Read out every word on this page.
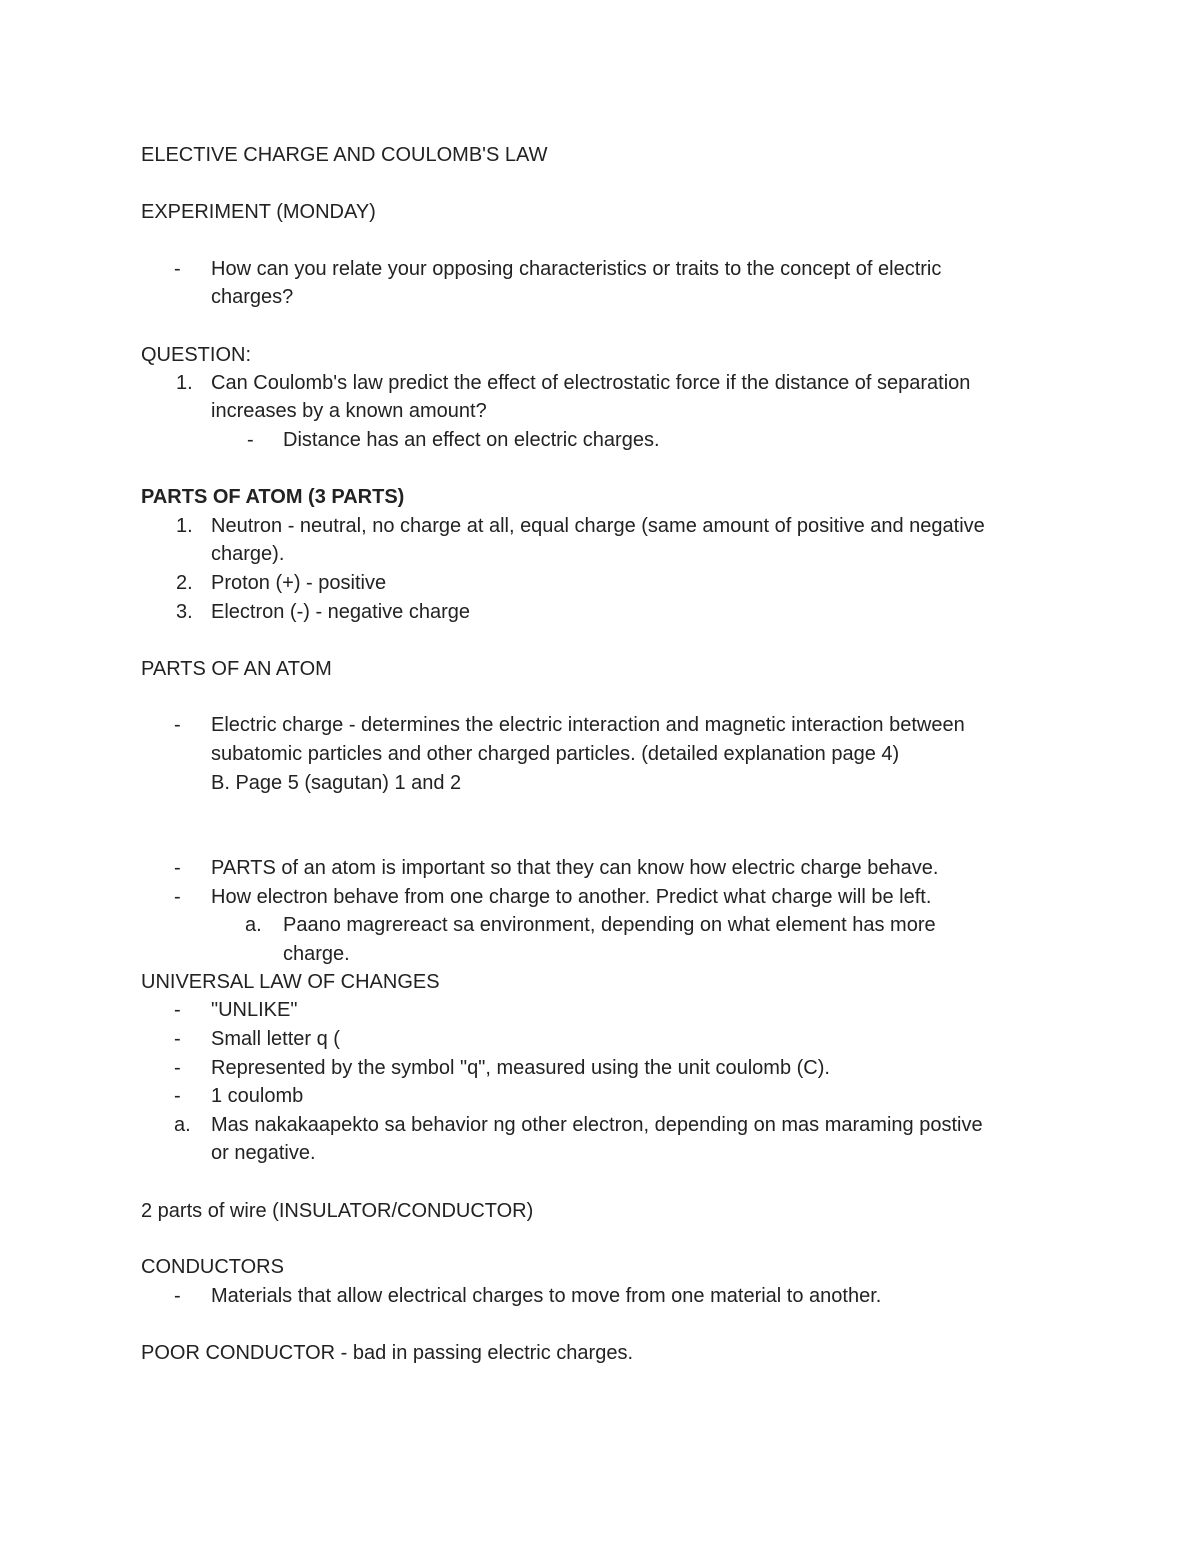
ELECTIVE CHARGE AND COULOMB'S LAW
EXPERIMENT (MONDAY)
- How can you relate your opposing characteristics or traits to the concept of electric
charges?
QUESTION:
1. Can Coulomb's law predict the effect of electrostatic force if the distance of separation
increases by a known amount?
- Distance has an effect on electric charges.
PARTS OF ATOM (3 PARTS)
1. Neutron - neutral, no charge at all, equal charge (same amount of positive and negative
charge).
2. Proton (+) - positive
3. Electron (-) - negative charge
PARTS OF AN ATOM
- Electric charge - determines the electric interaction and magnetic interaction between
subatomic particles and other charged particles. (detailed explanation page 4)
B. Page 5 (sagutan) 1 and 2
- PARTS of an atom is important so that they can know how electric charge behave.
- How electron behave from one charge to another. Predict what charge will be left.
a. Paano magrereact sa environment, depending on what element has more
charge.
UNIVERSAL LAW OF CHANGES
- "UNLIKE"
- Small letter q (
- Represented by the symbol "q", measured using the unit coulomb (C).
- 1 coulomb
a. Mas nakakaapekto sa behavior ng other electron, depending on mas maraming postive
or negative.
2 parts of wire (INSULATOR/CONDUCTOR)
CONDUCTORS
- Materials that allow electrical charges to move from one material to another.
POOR CONDUCTOR - bad in passing electric charges.
